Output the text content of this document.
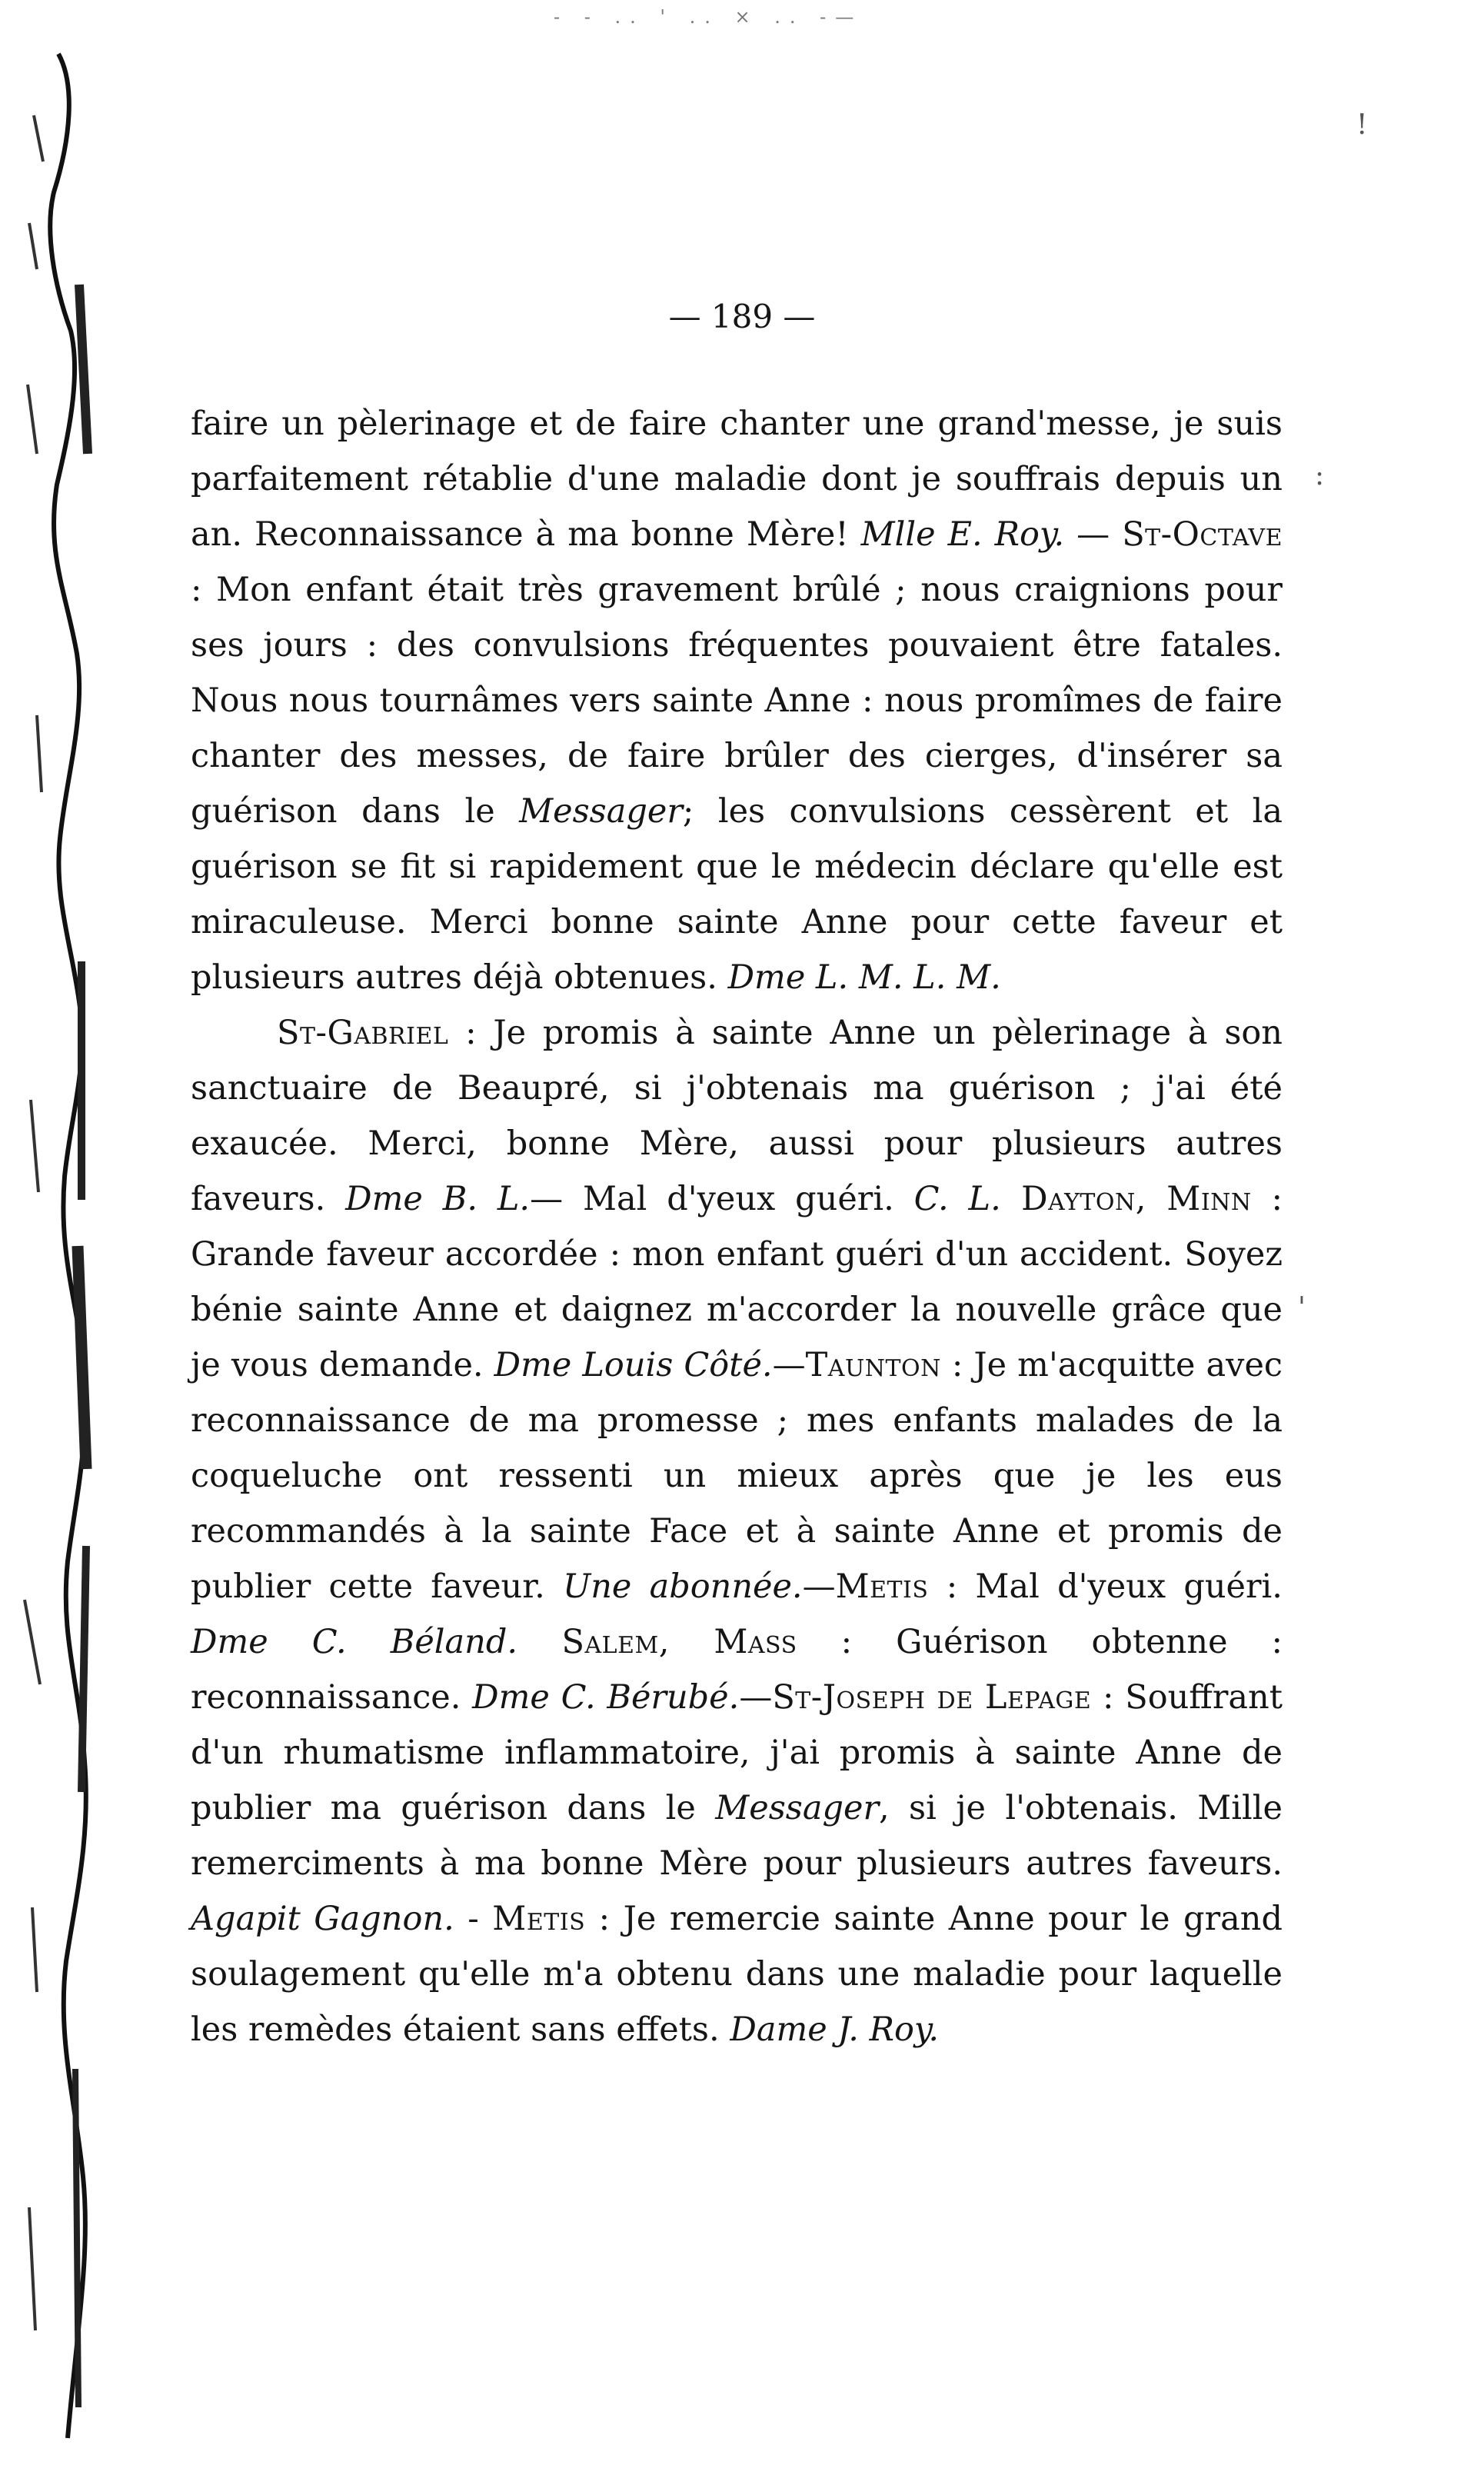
- - .. ' .. × .. -—
!
:
'
— 189 —

faire un pèlerinage et de faire chanter une grand'messe, je suis parfaitement rétablie d'une maladie dont je souffrais depuis un an. Reconnaissance à ma bonne Mère! Mlle E. Roy. — St-Octave : Mon enfant était très gravement brûlé ; nous craignions pour ses jours : des convulsions fréquentes pouvaient être fatales. Nous nous tournâmes vers sainte Anne : nous promîmes de faire chanter des messes, de faire brûler des cierges, d'insérer sa guérison dans le Messager; les convulsions cessèrent et la guérison se fit si rapidement que le médecin déclare qu'elle est miraculeuse. Merci bonne sainte Anne pour cette faveur et plusieurs autres déjà obtenues. Dme L. M. L. M.

St-Gabriel : Je promis à sainte Anne un pèlerinage à son sanctuaire de Beaupré, si j'obtenais ma guérison ; j'ai été exaucée. Merci, bonne Mère, aussi pour plusieurs autres faveurs. Dme B. L.— Mal d'yeux guéri. C. L. Dayton, Minn : Grande faveur accordée : mon enfant guéri d'un accident. Soyez bénie sainte Anne et daignez m'accorder la nouvelle grâce que je vous demande. Dme Louis Côté.—Taunton : Je m'acquitte avec reconnaissance de ma promesse ; mes enfants malades de la coqueluche ont ressenti un mieux après que je les eus recommandés à la sainte Face et à sainte Anne et promis de publier cette faveur. Une abonnée.—Metis : Mal d'yeux guéri. Dme C. Béland. Salem, Mass : Guérison obtenne : reconnaissance. Dme C. Bérubé.—St-Joseph de Lepage : Souffrant d'un rhumatisme inflammatoire, j'ai promis à sainte Anne de publier ma guérison dans le Messager, si je l'obtenais. Mille remerciments à ma bonne Mère pour plusieurs autres faveurs. Agapit Gagnon. - Metis : Je remercie sainte Anne pour le grand soulagement qu'elle m'a obtenu dans une maladie pour laquelle les remèdes étaient sans effets. Dame J. Roy.
